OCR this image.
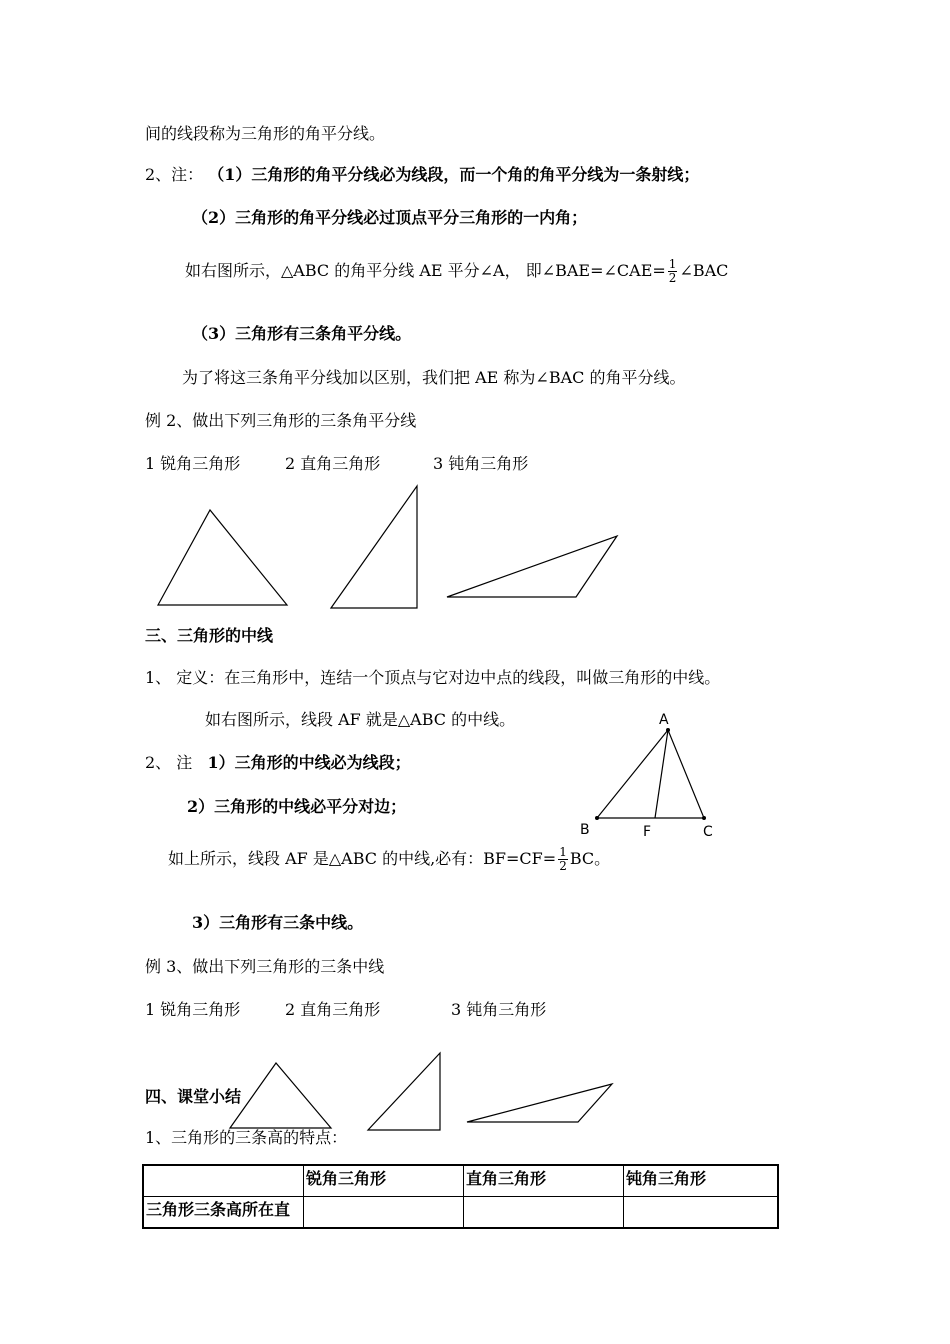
间的线段称为三角形的角平分线。
2、注： （1）三角形的角平分线必为线段，而一个角的角平分线为一条射线；
（2）三角形的角平分线必过顶点平分三角形的一内角；
如右图所示，△ABC 的角平分线 AE 平分∠A， 即∠BAE=∠CAE= $\frac{1}{2}$ ∠BAC
（3）三角形有三条角平分线。
为了将这三条角平分线加以区别，我们把 AE 称为∠BAC 的角平分线。
例 2、做出下列三角形的三条角平分线
1 锐角三角形	2 直角三角形	3 钝角三角形
三、三角形的中线
1、 定义：在三角形中，连结一个顶点与它对边中点的线段，叫做三角形的中线。
如右图所示，线段 AF 就是△ABC 的中线。
2、 注 1）三角形的中线必为线段；
2）三角形的中线必平分对边；
如上所示，线段 AF 是△ABC 的中线,必有：$BF=CF= \frac{1}{2}$ BC。
3）三角形有三条中线。
例 3、做出下列三角形的三条中线
1 锐角三角形	2 直角三角形	3 钝角三角形
四、课堂小结
1、三角形的三条高的特点：
A
B	F	C
	锐角三角形	直角三角形	钝角三角形
三角形三条高所在直			
